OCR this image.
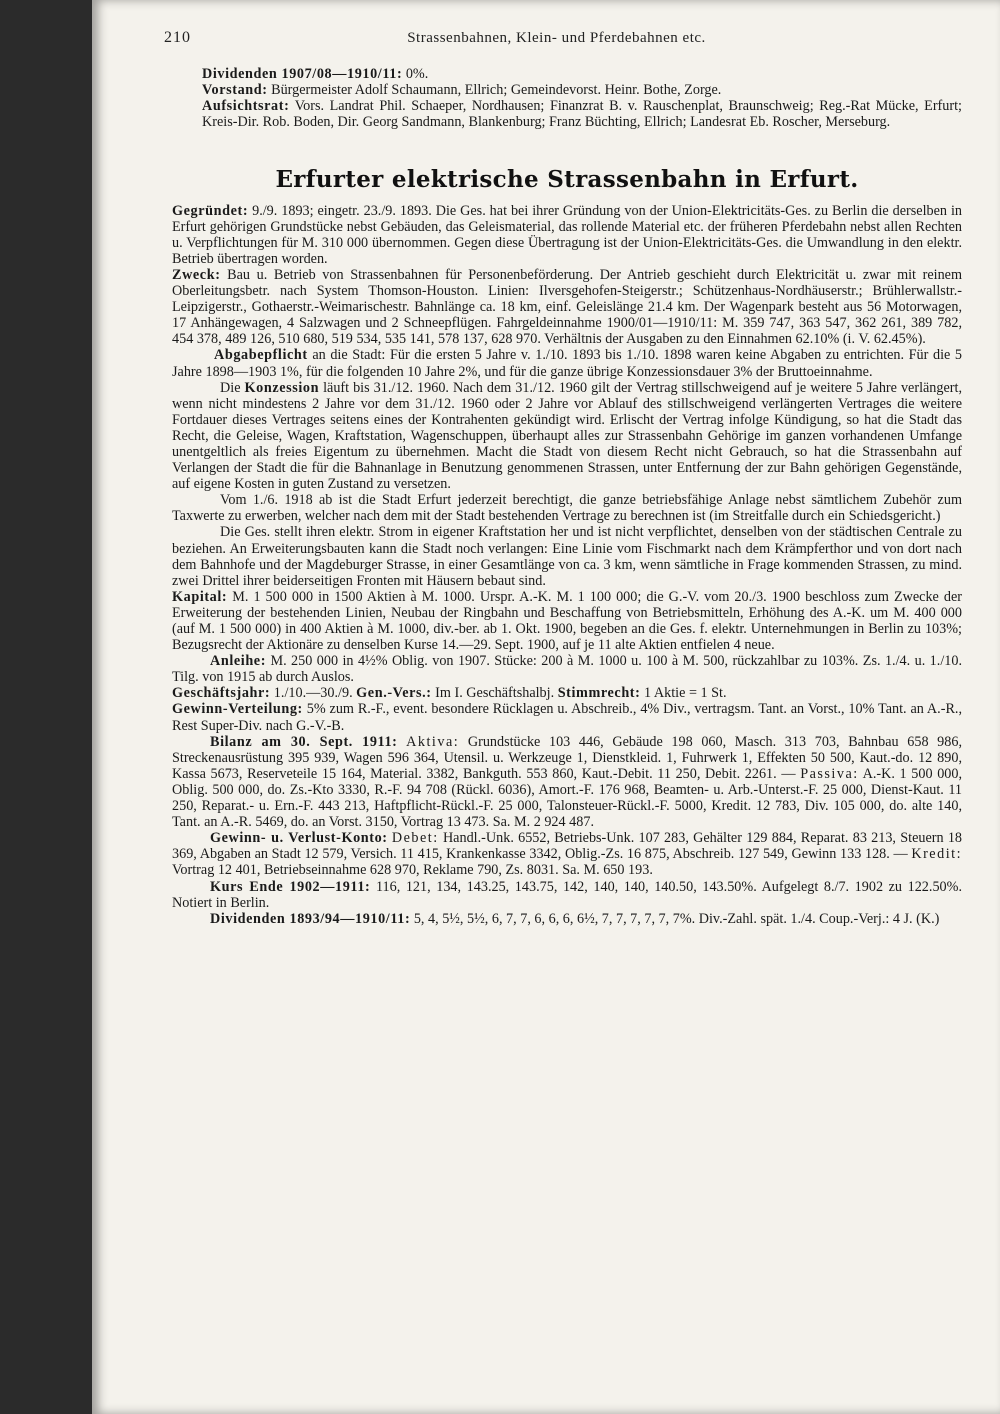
210	Strassenbahnen, Klein- und Pferdebahnen etc.

Dividenden 1907/08—1910/11: 0%.

Vorstand: Bürgermeister Adolf Schaumann, Ellrich; Gemeindevorst. Heinr. Bothe, Zorge.

Aufsichtsrat: Vors. Landrat Phil. Schaeper, Nordhausen; Finanzrat B. v. Rauschenplat, Braunschweig; Reg.-Rat Mücke, Erfurt; Kreis-Dir. Rob. Boden, Dir. Georg Sandmann, Blankenburg; Franz Büchting, Ellrich; Landesrat Eb. Roscher, Merseburg.

Erfurter elektrische Strassenbahn in Erfurt.

Gegründet: 9./9. 1893; eingetr. 23./9. 1893. Die Ges. hat bei ihrer Gründung von der Union-Elektricitäts-Ges. zu Berlin die derselben in Erfurt gehörigen Grundstücke nebst Gebäuden, das Geleismaterial, das rollende Material etc. der früheren Pferdebahn nebst allen Rechten u. Verpflichtungen für M. 310 000 übernommen. Gegen diese Übertragung ist der Union-Elektricitäts-Ges. die Umwandlung in den elektr. Betrieb übertragen worden.

Zweck: Bau u. Betrieb von Strassenbahnen für Personenbeförderung. Der Antrieb geschieht durch Elektricität u. zwar mit reinem Oberleitungsbetr. nach System Thomson-Houston. Linien: Ilversgehofen-Steigerstr.; Schützenhaus-Nordhäuserstr.; Brühlerwallstr.-Leipzigerstr., Gothaerstr.-Weimarischestr. Bahnlänge ca. 18 km, einf. Geleislänge 21.4 km. Der Wagenpark besteht aus 56 Motorwagen, 17 Anhängewagen, 4 Salzwagen und 2 Schneepflügen. Fahrgeldeinnahme 1900/01—1910/11: M. 359 747, 363 547, 362 261, 389 782, 454 378, 489 126, 510 680, 519 534, 535 141, 578 137, 628 970. Verhältnis der Ausgaben zu den Einnahmen 62.10% (i. V. 62.45%).

Abgabepflicht an die Stadt: Für die ersten 5 Jahre v. 1./10. 1893 bis 1./10. 1898 waren keine Abgaben zu entrichten. Für die 5 Jahre 1898—1903 1%, für die folgenden 10 Jahre 2%, und für die ganze übrige Konzessionsdauer 3% der Bruttoeinnahme.

Die Konzession läuft bis 31./12. 1960. Nach dem 31./12. 1960 gilt der Vertrag stillschweigend auf je weitere 5 Jahre verlängert, wenn nicht mindestens 2 Jahre vor dem 31./12. 1960 oder 2 Jahre vor Ablauf des stillschweigend verlängerten Vertrages die weitere Fortdauer dieses Vertrages seitens eines der Kontrahenten gekündigt wird. Erlischt der Vertrag infolge Kündigung, so hat die Stadt das Recht, die Geleise, Wagen, Kraftstation, Wagenschuppen, überhaupt alles zur Strassenbahn Gehörige im ganzen vorhandenen Umfange unentgeltlich als freies Eigentum zu übernehmen. Macht die Stadt von diesem Recht nicht Gebrauch, so hat die Strassenbahn auf Verlangen der Stadt die für die Bahnanlage in Benutzung genommenen Strassen, unter Entfernung der zur Bahn gehörigen Gegenstände, auf eigene Kosten in guten Zustand zu versetzen.

Vom 1./6. 1918 ab ist die Stadt Erfurt jederzeit berechtigt, die ganze betriebsfähige Anlage nebst sämtlichem Zubehör zum Taxwerte zu erwerben, welcher nach dem mit der Stadt bestehenden Vertrage zu berechnen ist (im Streitfalle durch ein Schiedsgericht.)

Die Ges. stellt ihren elektr. Strom in eigener Kraftstation her und ist nicht verpflichtet, denselben von der städtischen Centrale zu beziehen. An Erweiterungsbauten kann die Stadt noch verlangen: Eine Linie vom Fischmarkt nach dem Krämpferthor und von dort nach dem Bahnhofe und der Magdeburger Strasse, in einer Gesamtlänge von ca. 3 km, wenn sämtliche in Frage kommenden Strassen, zu mind. zwei Drittel ihrer beiderseitigen Fronten mit Häusern bebaut sind.

Kapital: M. 1 500 000 in 1500 Aktien à M. 1000. Urspr. A.-K. M. 1 100 000; die G.-V. vom 20./3. 1900 beschloss zum Zwecke der Erweiterung der bestehenden Linien, Neubau der Ringbahn und Beschaffung von Betriebsmitteln, Erhöhung des A.-K. um M. 400 000 (auf M. 1 500 000) in 400 Aktien à M. 1000, div.-ber. ab 1. Okt. 1900, begeben an die Ges. f. elektr. Unternehmungen in Berlin zu 103%; Bezugsrecht der Aktionäre zu denselben Kurse 14.—29. Sept. 1900, auf je 11 alte Aktien entfielen 4 neue.

Anleihe: M. 250 000 in 4½% Oblig. von 1907. Stücke: 200 à M. 1000 u. 100 à M. 500, rückzahlbar zu 103%. Zs. 1./4. u. 1./10. Tilg. von 1915 ab durch Auslos.

Geschäftsjahr: 1./10.—30./9. Gen.-Vers.: Im I. Geschäftshalbj. Stimmrecht: 1 Aktie = 1 St.

Gewinn-Verteilung: 5% zum R.-F., event. besondere Rücklagen u. Abschreib., 4% Div., vertragsm. Tant. an Vorst., 10% Tant. an A.-R., Rest Super-Div. nach G.-V.-B.

Bilanz am 30. Sept. 1911: Aktiva: Grundstücke 103 446, Gebäude 198 060, Masch. 313 703, Bahnbau 658 986, Streckenausrüstung 395 939, Wagen 596 364, Utensil. u. Werkzeuge 1, Dienstkleid. 1, Fuhrwerk 1, Effekten 50 500, Kaut.-do. 12 890, Kassa 5673, Reserveteile 15 164, Material. 3382, Bankguth. 553 860, Kaut.-Debit. 11 250, Debit. 2261. — Passiva: A.-K. 1 500 000, Oblig. 500 000, do. Zs.-Kto 3330, R.-F. 94 708 (Rückl. 6036), Amort.-F. 176 968, Beamten- u. Arb.-Unterst.-F. 25 000, Dienst-Kaut. 11 250, Reparat.- u. Ern.-F. 443 213, Haftpflicht-Rückl.-F. 25 000, Talonsteuer-Rückl.-F. 5000, Kredit. 12 783, Div. 105 000, do. alte 140, Tant. an A.-R. 5469, do. an Vorst. 3150, Vortrag 13 473. Sa. M. 2 924 487.

Gewinn- u. Verlust-Konto: Debet: Handl.-Unk. 6552, Betriebs-Unk. 107 283, Gehälter 129 884, Reparat. 83 213, Steuern 18 369, Abgaben an Stadt 12 579, Versich. 11 415, Krankenkasse 3342, Oblig.-Zs. 16 875, Abschreib. 127 549, Gewinn 133 128. — Kredit: Vortrag 12 401, Betriebseinnahme 628 970, Reklame 790, Zs. 8031. Sa. M. 650 193.

Kurs Ende 1902—1911: 116, 121, 134, 143.25, 143.75, 142, 140, 140, 140.50, 143.50%. Aufgelegt 8./7. 1902 zu 122.50%. Notiert in Berlin.

Dividenden 1893/94—1910/11: 5, 4, 5½, 5½, 6, 7, 7, 6, 6, 6, 6½, 7, 7, 7, 7, 7, 7%. Div.-Zahl. spät. 1./4. Coup.-Verj.: 4 J. (K.)
